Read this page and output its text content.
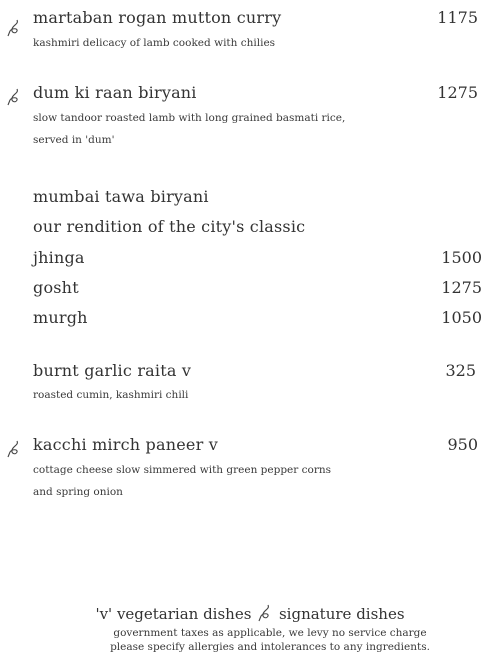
martaban rogan mutton curry	1175
kashmiri delicacy of lamb cooked with chilies
dum ki raan biryani	1275
slow tandoor roasted lamb with long grained basmati rice,
served in 'dum'
mumbai tawa biryani
our rendition of the city's classic
jhinga	1500
gosht	1275
murgh	1050
burnt garlic raita v	325
roasted cumin, kashmiri chili
kacchi mirch paneer v	950
cottage cheese slow simmered with green pepper corns
and spring onion
'v' vegetarian dishes signature dishes
government taxes as applicable, we levy no service charge
please specify allergies and intolerances to any ingredients.
